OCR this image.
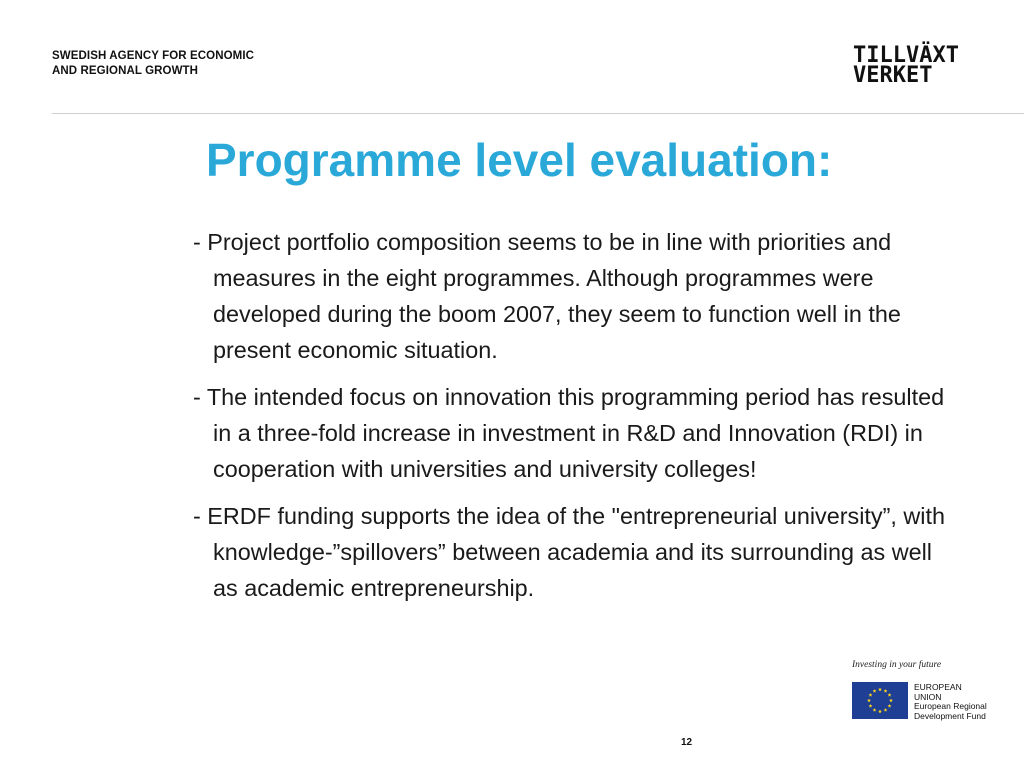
SWEDISH AGENCY FOR ECONOMIC
AND REGIONAL GROWTH
TILLVÄXT
VERKET
Programme level evaluation:

- Project portfolio composition seems to be in line with priorities and measures in the eight programmes. Although programmes were developed during the boom 2007, they seem to function well in the present economic situation.

- The intended focus on innovation this programming period has resulted in a three-fold increase in investment in R&D and Innovation (RDI) in cooperation with universities and university colleges!

- ERDF funding supports the idea of the "entrepreneurial university”, with knowledge-”spillovers” between academia and its surrounding as well as academic entrepreneurship.

Investing in your future
EUROPEAN
UNION
European Regional
Development Fund
12
